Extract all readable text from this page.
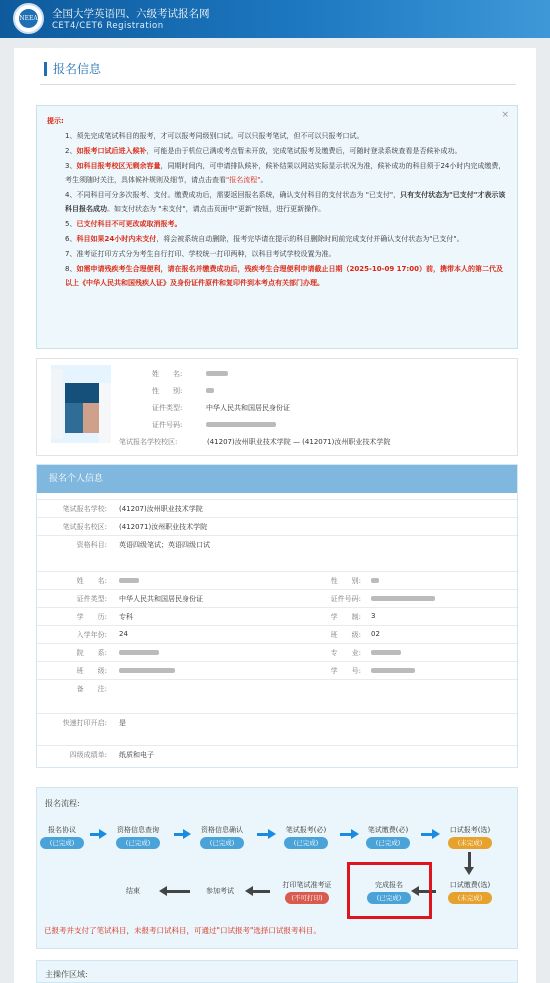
NEEA 全国大学英语四、六级考试报名网
CET4/CET6 Registration
报名信息
×
提示:

1、须先完成笔试科目的报考，才可以报考同级别口试。可以只报考笔试，但不可以只报考口试。

2、如报考口试后进入候补，可能是由于机位已满或考点暂未开放，完成笔试报考及缴费后，可随时登录系统查看是否候补成功。

3、如科目报考校区无剩余容量，同期时间内，可申请排队候补，候补结果以网站实际显示状况为准，候补成功的科目须于24小时内完成缴费，考生须随时关注，具体候补规则及细节，请点击查看"报名流程"。

4、不同科目可分多次报考、支付。缴费成功后，需要返回报名系统，确认支付科目的支付状态为 "已支付"，只有支付状态为"已支付"才表示该科目报名成功。如支付状态为 "未支付"，请点击页面中"更新"按钮，进行更新操作。

5、已支付科目不可更改或取消报考。

6、科目如果24小时内未支付，将会被系统自动删除，报考完毕请在提示的科目删除时间前完成支付并确认支付状态为"已支付"。

7、准考证打印方式分为考生自行打印、学校统一打印两种，以科目考试学校设置为准。

8、如需申请残疾考生合理便利，请在报名并缴费成功后，残疾考生合理便利申请截止日期（2025-10-09 17:00）前，携带本人的第二代及以上《中华人民共和国残疾人证》及身份证件原件和复印件到本考点有关部门办理。

姓　　名:
性　　别:
证件类型:	中华人民共和国居民身份证
证件号码:
笔试报名学校校区:	(41207)汝州职业技术学院 — (412071)汝州职业技术学院
报名个人信息
笔试报名学校: (41207)汝州职业技术学院
笔试报名校区: (412071)汝州职业技术学院
资格科目: 英语四级笔试；英语四级口试
姓　　名:	性　　别:
证件类型: 中华人民共和国居民身份证	证件号码:
学　　历: 专科	学　　制: 3
入学年份: 24	班　　级: 02
院　　系:	专　　业:
班　　级:	学　　号:
备　　注:
快速打印开启: 是
四级成绩单: 纸质和电子
报名流程:
报名协议
(已完成)
资格信息查询
(已完成)
资格信息确认
(已完成)
笔试报考(必)
(已完成)
笔试缴费(必)
(已完成)
口试报考(选)
(未完成)
结束	参加考试
打印笔试准考证
(不可打印)
完成报名
(已完成)
口试缴费(选)
(未完成)
已报考并支付了笔试科目，未报考口试科目，可通过"口试报考"选择口试报考科目。
主操作区域:
